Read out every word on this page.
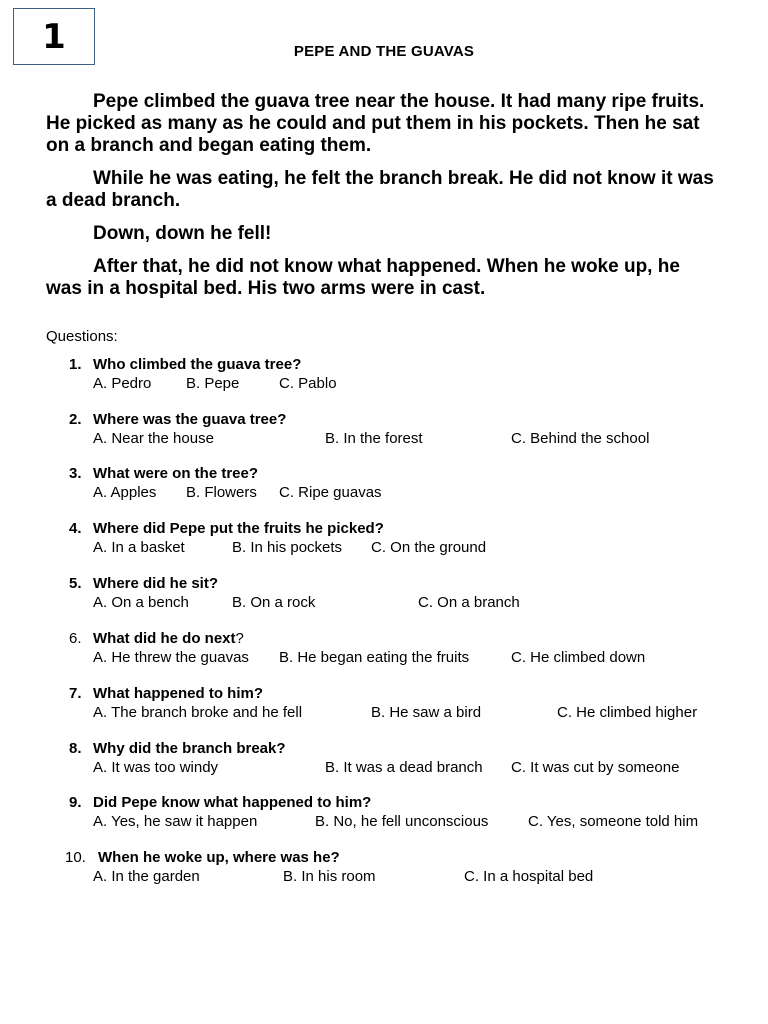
1	PEPE AND THE GUAVAS

Pepe climbed the guava tree near the house. It had many ripe fruits. He picked as many as he could and put them in his pockets. Then he sat on a branch and began eating them.

While he was eating, he felt the branch break. He did not know it was a dead branch.

Down, down he fell!

After that, he did not know what happened. When he woke up, he was in a hospital bed. His two arms were in cast.

Questions:
1. Who climbed the guava tree?
A. Pedro B. Pepe	C. Pablo
2. Where was the guava tree?
A. Near the house	B. In the forest	C. Behind the school
3. What were on the tree?
A. Apples B. Flowers C. Ripe guavas
4. Where did Pepe put the fruits he picked?
A. In a basket	B. In his pockets C. On the ground
5. Where did he sit?
A. On a bench	B. On a rock	C. On a branch
6. What did he do next?
A. He threw the guavas B. He began eating the fruits	C. He climbed down
7. What happened to him?
A. The branch broke and he fell	B. He saw a bird	C. He climbed higher
8. Why did the branch break?
A. It was too windy	B. It was a dead branch C. It was cut by someone
9. Did Pepe know what happened to him?
A. Yes, he saw it happen	B. No, he fell unconscious	C. Yes, someone told him
10. When he woke up, where was he?
A. In the garden	B. In his room	C. In a hospital bed
